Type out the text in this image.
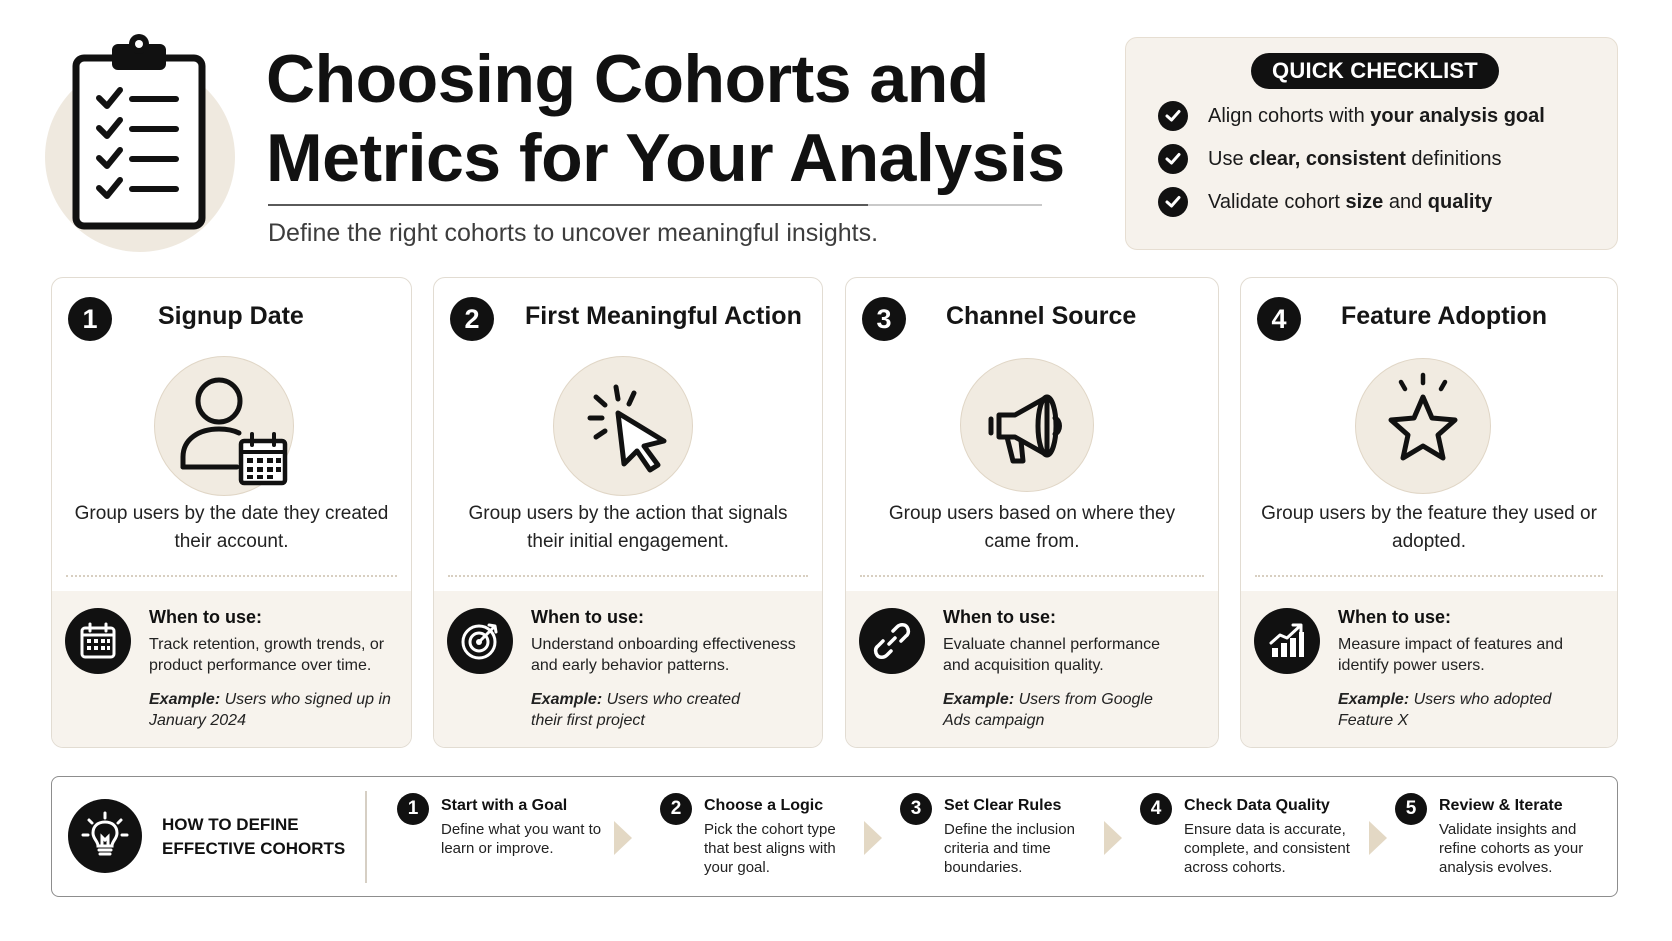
Choosing Cohorts and
Metrics for Your Analysis
Define the right cohorts to uncover meaningful insights.
QUICK CHECKLIST
Align cohorts with your analysis goal
Use clear, consistent definitions
Validate cohort size and quality
1	Signup Date
Group users by the date they created their account.
When to use:
Track retention, growth trends, or product performance over time.
Example: Users who signed up in January 2024
2	First Meaningful Action
Group users by the action that signals their initial engagement.
When to use:
Understand onboarding effectiveness and early behavior patterns.
Example: Users who created their first project
3	Channel Source
Group users based on where they came from.
When to use:
Evaluate channel performance and acquisition quality.
Example: Users from Google Ads campaign
4	Feature Adoption
Group users by the feature they used or adopted.
When to use:
Measure impact of features and identify power users.
Example: Users who adopted Feature X
HOW TO DEFINE
EFFECTIVE COHORTS
1	Start with a Goal
Define what you want to learn or improve.
2	Choose a Logic
Pick the cohort type that best aligns with your goal.
3	Set Clear Rules
Define the inclusion criteria and time boundaries.
4	Check Data Quality
Ensure data is accurate, complete, and consistent across cohorts.
5	Review & Iterate
Validate insights and refine cohorts as your analysis evolves.
